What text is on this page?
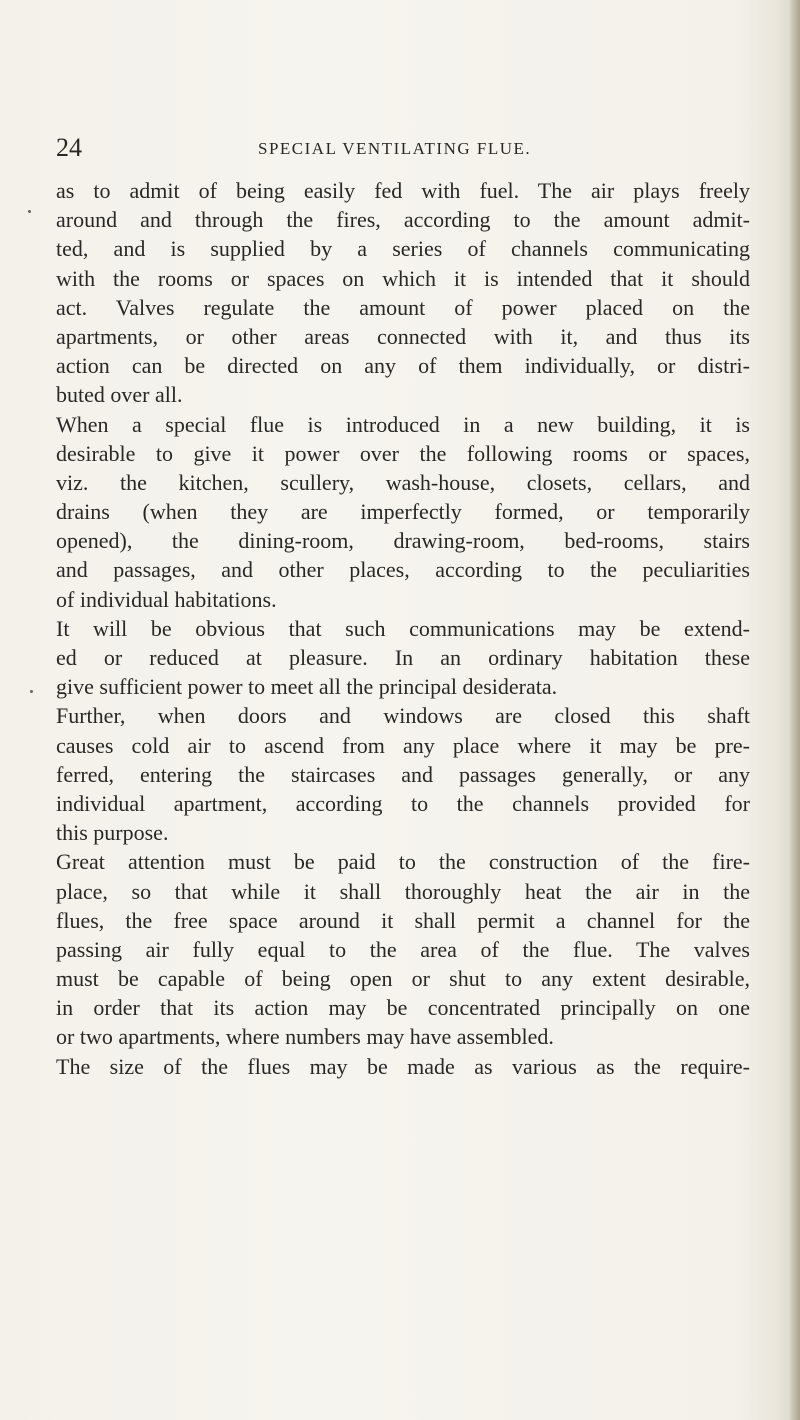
24	SPECIAL VENTILATING FLUE.
as to admit of being easily fed with fuel. The air plays freely
around and through the fires, according to the amount admit-
ted, and is supplied by a series of channels communicating
with the rooms or spaces on which it is intended that it should
act. Valves regulate the amount of power placed on the
apartments, or other areas connected with it, and thus its
action can be directed on any of them individually, or distri-
buted over all.
When a special flue is introduced in a new building, it is
desirable to give it power over the following rooms or spaces,
viz. the kitchen, scullery, wash-house, closets, cellars, and
drains (when they are imperfectly formed, or temporarily
opened), the dining-room, drawing-room, bed-rooms, stairs
and passages, and other places, according to the peculiarities
of individual habitations.
It will be obvious that such communications may be extend-
ed or reduced at pleasure. In an ordinary habitation these
give sufficient power to meet all the principal desiderata.
Further, when doors and windows are closed this shaft
causes cold air to ascend from any place where it may be pre-
ferred, entering the staircases and passages generally, or any
individual apartment, according to the channels provided for
this purpose.
Great attention must be paid to the construction of the fire-
place, so that while it shall thoroughly heat the air in the
flues, the free space around it shall permit a channel for the
passing air fully equal to the area of the flue. The valves
must be capable of being open or shut to any extent desirable,
in order that its action may be concentrated principally on one
or two apartments, where numbers may have assembled.
The size of the flues may be made as various as the require-
